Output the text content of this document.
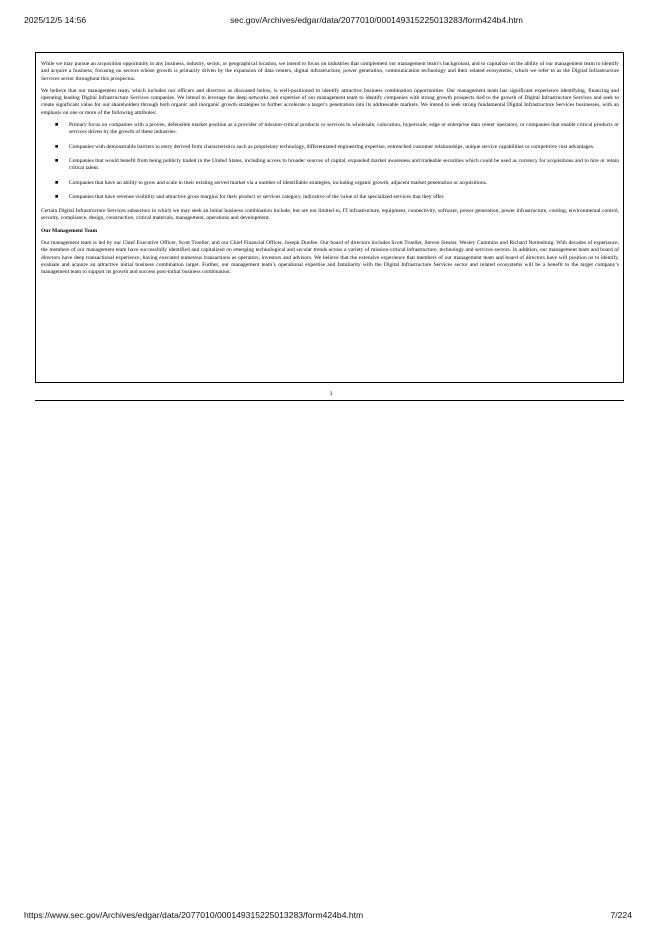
2025/12/5 14:56	sec.gov/Archives/edgar/data/2077010/000149315225013283/form424b4.htm

While we may pursue an acquisition opportunity in any business, industry, sector, or geographical location, we intend to focus on industries that complement our management team’s background, and to capitalize on the ability of our management team to identify and acquire a business, focusing on sectors whose growth is primarily driven by the expansion of data centers, digital infrastructure, power generation, communication technology and their related ecosystems, which we refer to as the Digital Infrastructure Services sector throughout this prospectus.

We believe that our management team, which includes our officers and directors as discussed below, is well-positioned to identify attractive business combination opportunities. Our management team has significant experience identifying, financing and operating leading Digital Infrastructure Services companies. We intend to leverage the deep networks and expertise of our management team to identify companies with strong growth prospects tied to the growth of Digital Infrastructure Services and seek to create significant value for our shareholders through both organic and inorganic growth strategies to further accelerate a target’s penetration into its addressable markets. We intend to seek strong fundamental Digital Infrastructure Services businesses, with an emphasis on one or more of the following attributes:

■ Primary focus on companies with a proven, defensible market position as a provider of mission-critical products or services to wholesale, colocation, hyperscale, edge or enterprise data center operators, or companies that enable critical products or services driven by the growth of these industries.
■ Companies with demonstrable barriers to entry derived from characteristics such as proprietary technology, differentiated engineering expertise, entrenched customer relationships, unique service capabilities or competitive cost advantages.
■ Companies that would benefit from being publicly traded in the United States, including access to broader sources of capital, expanded market awareness and tradeable securities which could be used as currency for acquisitions and to hire or retain critical talent.
■ Companies that have an ability to grow and scale in their existing served market via a number of identifiable strategies, including organic growth, adjacent market penetration or acquisitions.
■ Companies that have revenue visibility and attractive gross margins for their product or services category, indicative of the value of the specialized services that they offer.

Certain Digital Infrastructure Services subsectors in which we may seek an initial business combination include, but are not limited to, IT infrastructure, equipment, connectivity, software, power generation, power infrastructure, cooling, environmental control, security, compliance, design, construction, critical materials, management, operations and development.

Our Management Team

Our management team is led by our Chief Executive Officer, Scott Troeller, and our Chief Financial Officer, Joseph Dunfee. Our board of directors includes Scott Troeller, Steven Siesser, Wesley Cummins and Richard Nottenburg. With decades of experience, the members of our management team have successfully identified and capitalized on emerging technological and secular trends across a variety of mission-critical infrastructure, technology and services sectors. In addition, our management team and board of directors have deep transactional experience, having executed numerous transactions as operators, investors and advisors. We believe that the extensive experience that members of our management team and board of directors have will position us to identify, evaluate and acquire an attractive initial business combination target. Further, our management team’s operational expertise and familiarity with the Digital Infrastructure Services sector and related ecosystems will be a benefit to the target company’s management team to support its growth and success post-initial business combination.

3
https://www.sec.gov/Archives/edgar/data/2077010/000149315225013283/form424b4.htm	7/224
